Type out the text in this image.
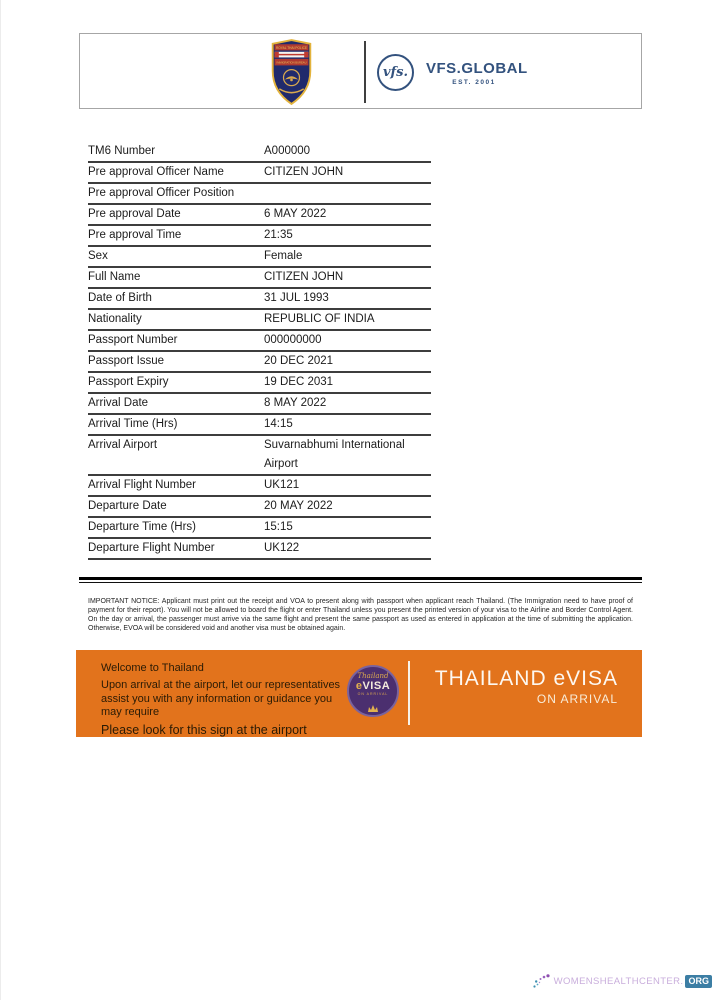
ROYAL THAI POLICE
IMMIGRATION BUREAU
vfs. VFS.GLOBAL
EST. 2001
TM6 Number	A000000
Pre approval Officer Name	CITIZEN JOHN
Pre approval Officer Position
Pre approval Date	6 MAY 2022
Pre approval Time	21:35
Sex	Female
Full Name	CITIZEN JOHN
Date of Birth	31 JUL 1993
Nationality	REPUBLIC OF INDIA
Passport Number	000000000
Passport Issue	20 DEC 2021
Passport Expiry	19 DEC 2031
Arrival Date	8 MAY 2022
Arrival Time (Hrs)	14:15
Arrival Airport	Suvarnabhumi International Airport
Arrival Flight Number	UK121
Departure Date	20 MAY 2022
Departure Time (Hrs)	15:15
Departure Flight Number	UK122
IMPORTANT NOTICE: Applicant must print out the receipt and VOA to present along with passport when applicant reach Thailand. (The Immigration need to have proof of payment for their report). You will not be allowed to board the flight or enter Thailand unless you present the printed version of your visa to the Airline and Border Control Agent. On the day or arrival, the passenger must arrive via the same flight and present the same passport as used as entered in application at the time of submitting the application. Otherwise, EVOA will be considered void and another visa must be obtained again.
Welcome to Thailand
Upon arrival at the airport, let our representatives assist you with any information or guidance you may require
Please look for this sign at the airport
Thailand
eVISA
ON ARRIVAL
THAILAND eVISA
ON ARRIVAL
WOMENSHEALTHCENTER. ORG
